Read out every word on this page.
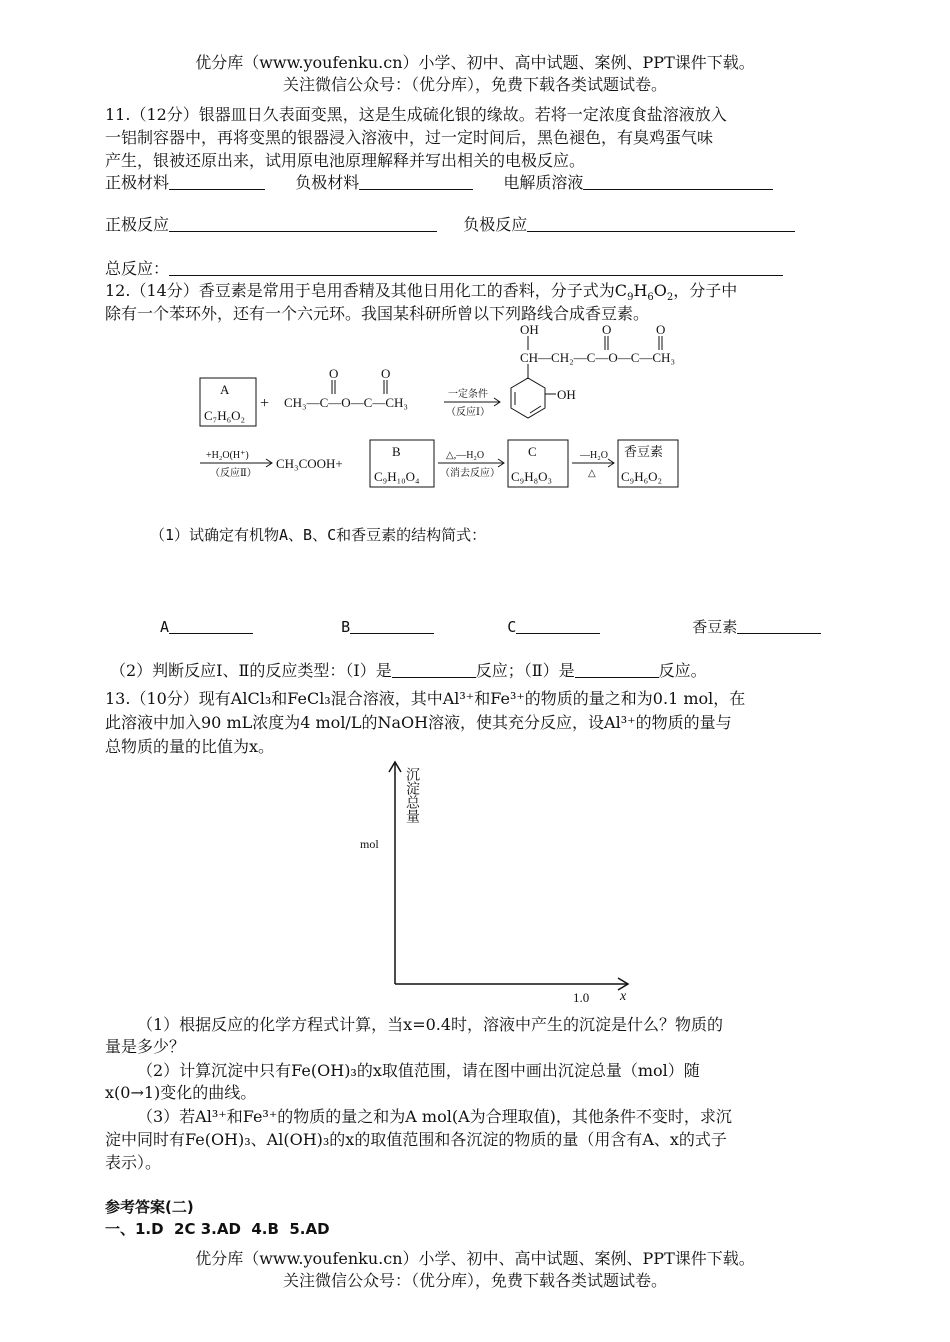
优分库（www.youfenku.cn）小学、初中、高中试题、案例、PPT课件下载。
关注微信公众号：（优分库），免费下载各类试题试卷。
11.（12分）银器皿日久表面变黑，这是生成硫化银的缘故。若将一定浓度食盐溶液放入
一铝制容器中，再将变黑的银器浸入溶液中，过一定时间后，黑色褪色，有臭鸡蛋气味
产生，银被还原出来，试用原电池原理解释并写出相关的电极反应。
正极材料	负极材料	电解质溶液
正极反应	负极反应
总反应：
12.（14分）香豆素是常用于皂用香精及其他日用化工的香料，分子式为$C_9H_6O_2$，分子中
除有一个苯环外，还有一个六元环。我国某科研所曾以下列路线合成香豆素。
A
C₇H₆O₂
+
O	O
CH₃—C—O—C—CH₃
一定条件
（反应Ⅰ）
OH	O	O
CH—CH₂—C—O—C—CH₃
OH
+H₂O(H⁺)
（反应Ⅱ）
CH₃COOH+
B
C₉H₁₀O₄
△,—H₂O
（消去反应）
C
C₉H₈O₃
—H₂O
△
香豆素
C₉H₆O₂
（1）试确定有机物A、B、C和香豆素的结构简式：
A	B	C	香豆素
（2）判断反应Ⅰ、Ⅱ的反应类型：（Ⅰ）是	反应；（Ⅱ）是	反应。
13.（10分）现有AlCl₃和FeCl₃混合溶液，其中Al³⁺和Fe³⁺的物质的量之和为0.1 mol，在
此溶液中加入90 mL浓度为4 mol/L的NaOH溶液，使其充分反应，设Al³⁺的物质的量与
总物质的量的比值为x。
沉淀总量
mol
1.0 x
（1）根据反应的化学方程式计算，当x=0.4时，溶液中产生的沉淀是什么？物质的
量是多少？
（2）计算沉淀中只有Fe(OH)₃的x取值范围，请在图中画出沉淀总量（mol）随
x(0→1)变化的曲线。
（3）若Al³⁺和Fe³⁺的物质的量之和为A mol(A为合理取值)，其他条件不变时，求沉
淀中同时有Fe(OH)₃、Al(OH)₃的x的取值范围和各沉淀的物质的量（用含有A、x的式子
表示）。
参考答案(二)
一、1.D  2C 3.AD  4.B  5.AD
优分库（www.youfenku.cn）小学、初中、高中试题、案例、PPT课件下载。
关注微信公众号：（优分库），免费下载各类试题试卷。
